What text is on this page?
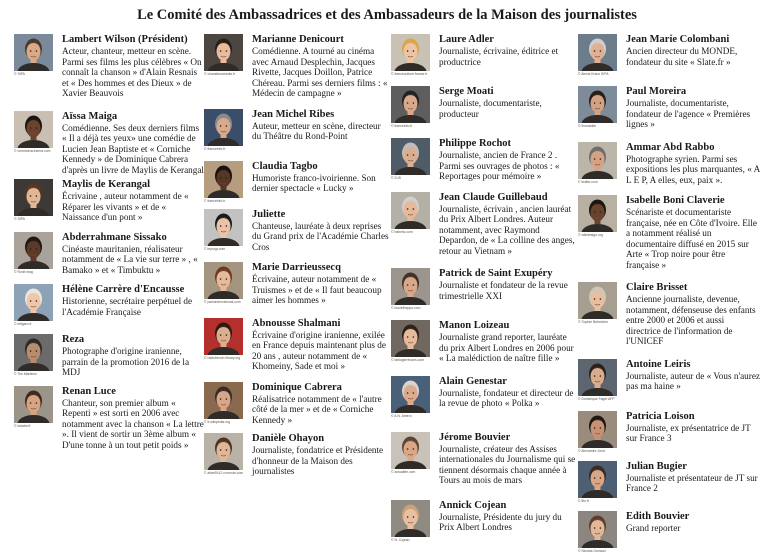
Le Comité des Ambassadrices et des Ambassadeurs de la Maison des journalistes
© SIPA
Lambert Wilson (Président)
Acteur, chanteur, metteur en scène. Parmi ses films les plus célèbres « On connaît la chanson » d'Alain Resnais et « Des hommes et des Dieux » de Xavier Beauvois
© commonscinema.com
Aïssa Maiga
Comédienne. Ses deux derniers films « Il a déjà tes yeux» une comédie de Lucien Jean Baptiste et « Corniche Kennedy » de Dominique Cabrera d'après un livre de Maylis de Kerangal
© SIPA
Maylis de Kerangal
Écrivaine , auteur notamment de « Réparer les vivants » et de « Naissance d'un pont »
© Rvolf.mag
Abderrahmane Sissako
Cinéaste mauritanien, réalisateur notamment de « La vie sur terre » , « Bamako » et « Timbuktu »
© lefigaro.fr
Hélène Carrère d'Encausse
Historienne, secrétaire perpétuel de l'Académie Française
© Tim Martinez
Reza
Photographe d'origine iranienne, parrain de la promotion 2016 de la MDJ
© tolartst.fr
Renan Luce
Chanteur, son premier album « Repenti » est sorti en 2006 avec notamment avec la chanson « La lettre ». Il vient de sortir un 3ème album « D'une tonne à un tout petit poids »
© chanstimamedia.fr
Marianne Denicourt
Comédienne. A tourné au cinéma avec Arnaud Desplechin, Jacques Rivette, Jacques Doillon, Patrice Chéreau. Parmi ses derniers films : « Médecin de campagne »
© franceinfo.fr
Jean Michel Ribes
Auteur, metteur en scène, directeur du Théâtre du Rond-Point
© franceinfo.fr
Claudia Tagbo
Humoriste franco-ivoirienne. Son dernier spectacle « Lucky »
© leprogr.com
Juliette
Chanteuse, lauréate à deux reprises du Grand prix de l'Académie Charles Cros
© parisinternational.com
Marie Darrieussecq
Écrivaine, auteur notamment de « Truismes » et de « Il faut beaucoup aimer les hommes »
© radiofrench.library.org
Abnousse Shalmani
Écrivaine d'origine iranienne, exilée en France depuis maintenant plus de 20 ans , auteur notamment de « Khomeiny, Sade et moi »
© fr.wikipedia.org
Dominique Cabrera
Réalisatrice notamment de « l'autre côté de la mer » et de « Corniche Kennedy »
© alice9042-v.monde.com
Danièle Ohayon
Journaliste, fondatrice et Présidente d'honneur de la Maison des journalistes
© franceculture.france.fr
Laure Adler
Journaliste, écrivaine, éditrice et productrice
© franceinfo.fr
Serge Moati
Journaliste, documentariste, producteur
© DJS
Philippe Rochot
Journaliste, ancien de France 2 . Parmi ses ouvrages de photos : « Reportages pour mémoire »
© babelio.com
Jean Claude Guillebaud
Journaliste, écrivain , ancien lauréat du Prix Albert Londres. Auteur notamment, avec Raymond Depardon, de « La colline des anges, retour au Vietnam »
© boulefheppo.com
Patrick de Saint Exupéry
Journaliste et fondateur de la revue trimestrielle XXI
© lablogerreuses.com
Manon Loizeau
Journaliste grand reporter, lauréate du prix Albert Londres en 2006 pour « La malédiction de naître fille »
© A.N. Amero
Alain Genestar
Journaliste, fondateur et directeur de la revue de photo « Polka »
© actualitte.com
Jérome Bouvier
Journaliste, créateur des Assises internationales du Journalisme qui se tiennent désormais chaque année à Tours au mois de mars
© N. Cojean
Annick Cojean
Journaliste, Présidente du jury du Prix Albert Londres
© Alexis Kraux SIPA
Jean Marie Colombani
Ancien directeur du MONDE, fondateur du site « Slate.fr »
© lhumanite
Paul Moreira
Journaliste, documentariste, fondateur de l'agence « Premières lignes »
© twitter.com
Ammar Abd Rabbo
Photographe syrien. Parmi ses expositions les plus marquantes, « A L E P, A elles, eux, paix ».
© wikidesign.org
Isabelle Boni Claverie
Scénariste et documentariste française, née en Côte d'Ivoire. Elle a notamment réalisé un documentaire diffusé en 2015 sur Arte « Trop noire pour être française »
© Sophie Bebsheim
Claire Brisset
Ancienne journaliste, devenue, notamment, défenseuse des enfants entre 2000 et 2006 et aussi directrice de l'information de l'UNICEF
© Dominique Faget AFP
Antoine Leiris
Journaliste, auteur de « Vous n'aurez pas ma haine »
© Alexandre Jund
Patricia Loison
Journaliste, ex présentatrice de JT sur France 3
© tlfo.fr
Julian Bugier
Journaliste et présentateur de JT sur France 2
© Nicolas Guiraud
Edith Bouvier
Grand reporter
